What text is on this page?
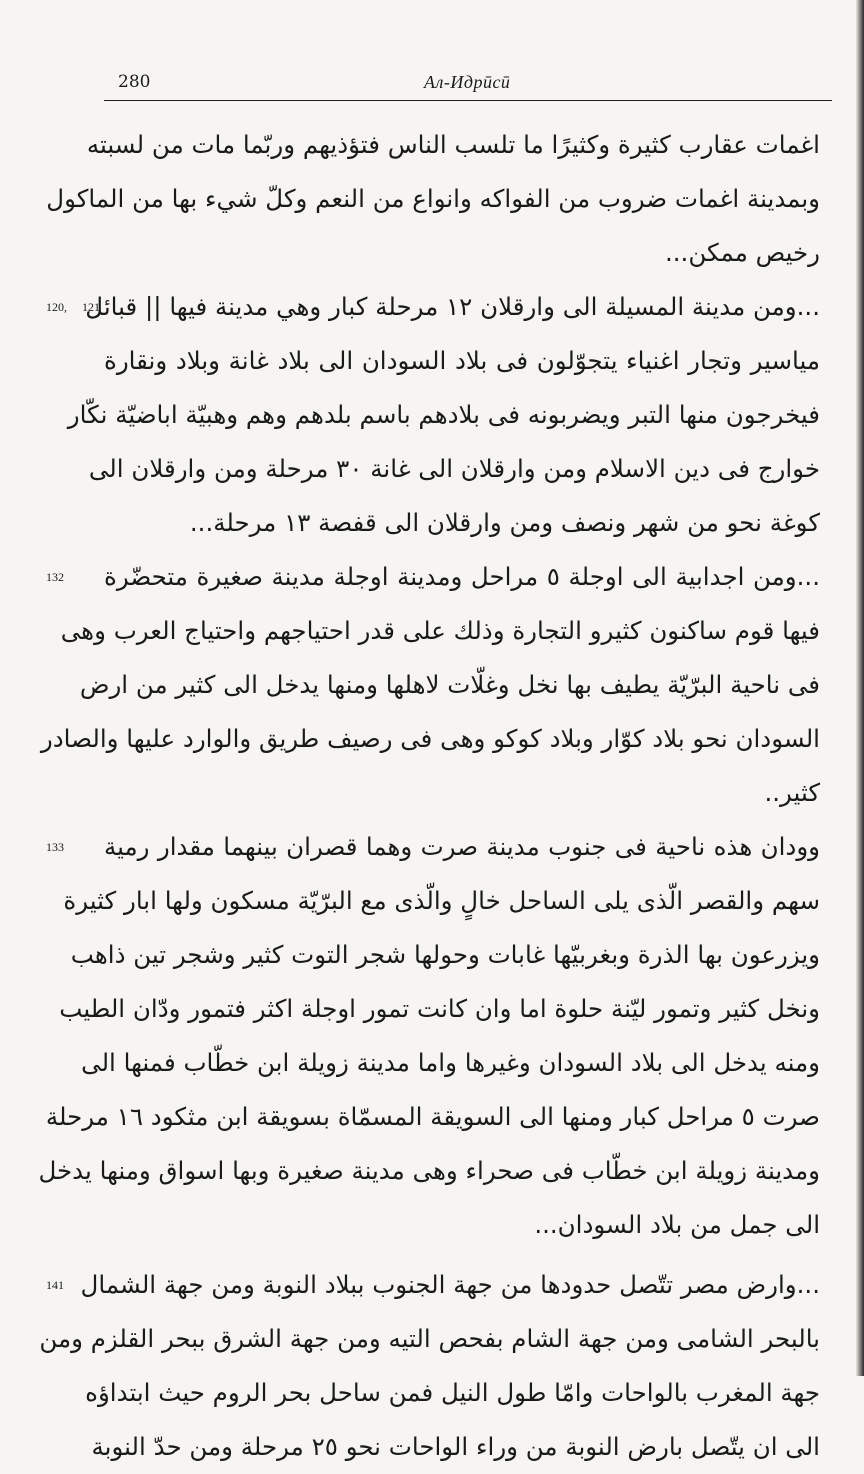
280	Ал-Идрӣсӣ
اغمات عقارب كثيرة وكثيرًا ما تلسب الناس فتؤذيهم وربّما مات من لسبته
وبمدينة اغمات ضروب من الفواكه وانواع من النعم وكلّ شيء بها من الماكول
رخيص ممكن...
120, 121
...ومن مدينة المسيلة الى وارقلان ١٢ مرحلة كبار وهي مدينة فيها || قبائل
مياسير وتجار اغنياء يتجوّلون فى بلاد السودان الى بلاد غانة وبلاد ونقارة
فيخرجون منها التبر ويضربونه فى بلادهم باسم بلدهم وهم وهبيّة اباضيّة نكّار
خوارج فى دين الاسلام ومن وارقلان الى غانة ٣٠ مرحلة ومن وارقلان الى
كوغة نحو من شهر ونصف ومن وارقلان الى قفصة ١٣ مرحلة...
132	...ومن اجدابية الى اوجلة ٥ مراحل ومدينة اوجلة مدينة صغيرة متحضّرة
فيها قوم ساكنون كثيرو التجارة وذلك على قدر احتياجهم واحتياج العرب وهى
فى ناحية البرّيّة يطيف بها نخل وغلّات لاهلها ومنها يدخل الى كثير من ارض
السودان نحو بلاد كوّار وبلاد كوكو وهى فى رصيف طريق والوارد عليها والصادر
كثير..
133	وودان هذه ناحية فى جنوب مدينة صرت وهما قصران بينهما مقدار رمية
سهم والقصر الّذى يلى الساحل خالٍ والّذى مع البرّيّة مسكون ولها ابار كثيرة
ويزرعون بها الذرة وبغربيّها غابات وحولها شجر التوت كثير وشجر تين ذاهب
ونخل كثير وتمور ليّنة حلوة اما وان كانت تمور اوجلة اكثر فتمور ودّان الطيب
ومنه يدخل الى بلاد السودان وغيرها واما مدينة زويلة ابن خطّاب فمنها الى
صرت ٥ مراحل كبار ومنها الى السويقة المسمّاة بسويقة ابن مثكود ١٦ مرحلة
ومدينة زويلة ابن خطّاب فى صحراء وهى مدينة صغيرة وبها اسواق ومنها يدخل
الى جمل من بلاد السودان...
141 ...وارض مصر تتّصل حدودها من جهة الجنوب ببلاد النوبة ومن جهة الشمال
بالبحر الشامى ومن جهة الشام بفحص التيه ومن جهة الشرق ببحر القلزم ومن
جهة المغرب بالواحات وامّا طول النيل فمن ساحل بحر الروم حيث ابتداؤه
الى ان يتّصل بارض النوبة من وراء الواحات نحو ٢٥ مرحلة ومن حدّ النوبة
